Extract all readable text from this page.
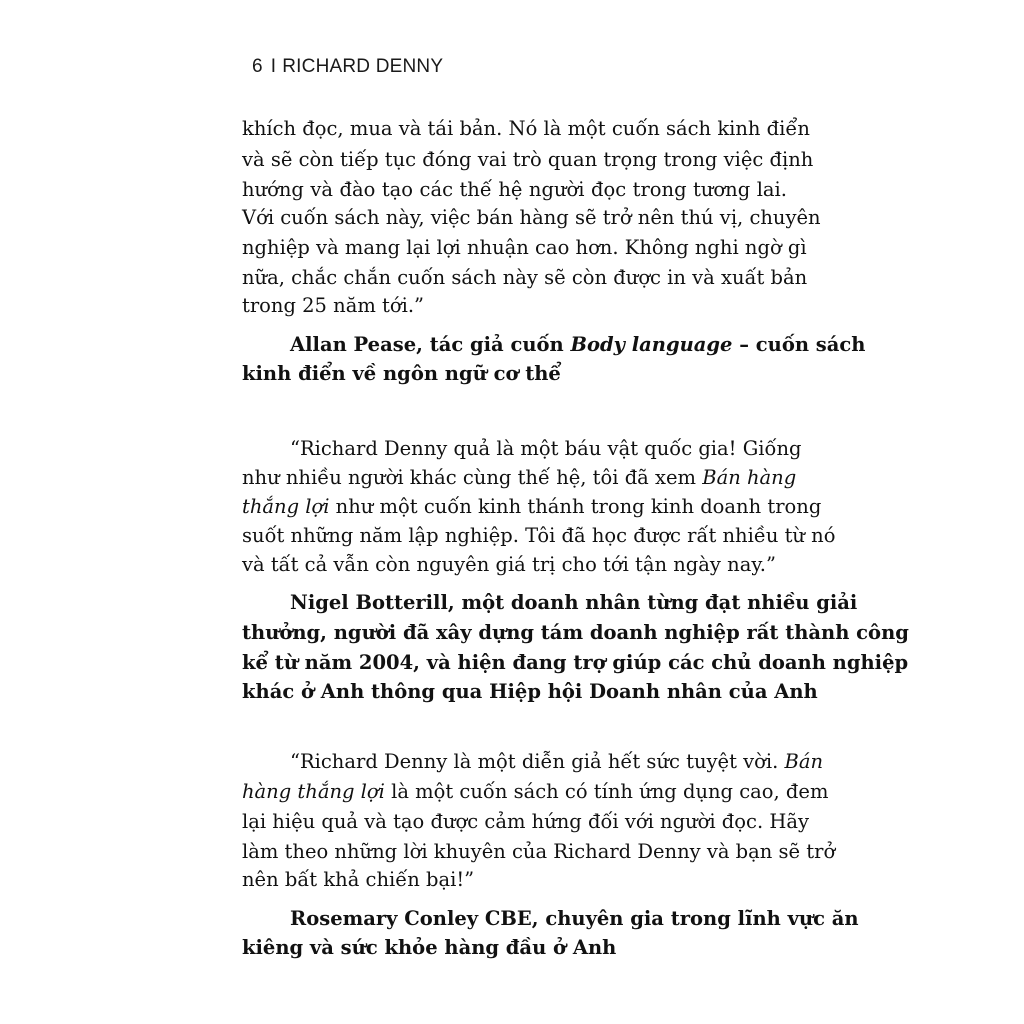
6 I RICHARD DENNY
khích đọc, mua và tái bản. Nó là một cuốn sách kinh điển
và sẽ còn tiếp tục đóng vai trò quan trọng trong việc định
hướng và đào tạo các thế hệ người đọc trong tương lai.
Với cuốn sách này, việc bán hàng sẽ trở nên thú vị, chuyên
nghiệp và mang lại lợi nhuận cao hơn. Không nghi ngờ gì
nữa, chắc chắn cuốn sách này sẽ còn được in và xuất bản
trong 25 năm tới.”
Allan Pease, tác giả cuốn Body language – cuốn sách
kinh điển về ngôn ngữ cơ thể
“Richard Denny quả là một báu vật quốc gia! Giống
như nhiều người khác cùng thế hệ, tôi đã xem Bán hàng
thắng lợi như một cuốn kinh thánh trong kinh doanh trong
suốt những năm lập nghiệp. Tôi đã học được rất nhiều từ nó
và tất cả vẫn còn nguyên giá trị cho tới tận ngày nay.”
Nigel Botterill, một doanh nhân từng đạt nhiều giải
thưởng, người đã xây dựng tám doanh nghiệp rất thành công
kể từ năm 2004, và hiện đang trợ giúp các chủ doanh nghiệp
khác ở Anh thông qua Hiệp hội Doanh nhân của Anh
“Richard Denny là một diễn giả hết sức tuyệt vời. Bán
hàng thắng lợi là một cuốn sách có tính ứng dụng cao, đem
lại hiệu quả và tạo được cảm hứng đối với người đọc. Hãy
làm theo những lời khuyên của Richard Denny và bạn sẽ trở
nên bất khả chiến bại!”
Rosemary Conley CBE, chuyên gia trong lĩnh vực ăn
kiêng và sức khỏe hàng đầu ở Anh
